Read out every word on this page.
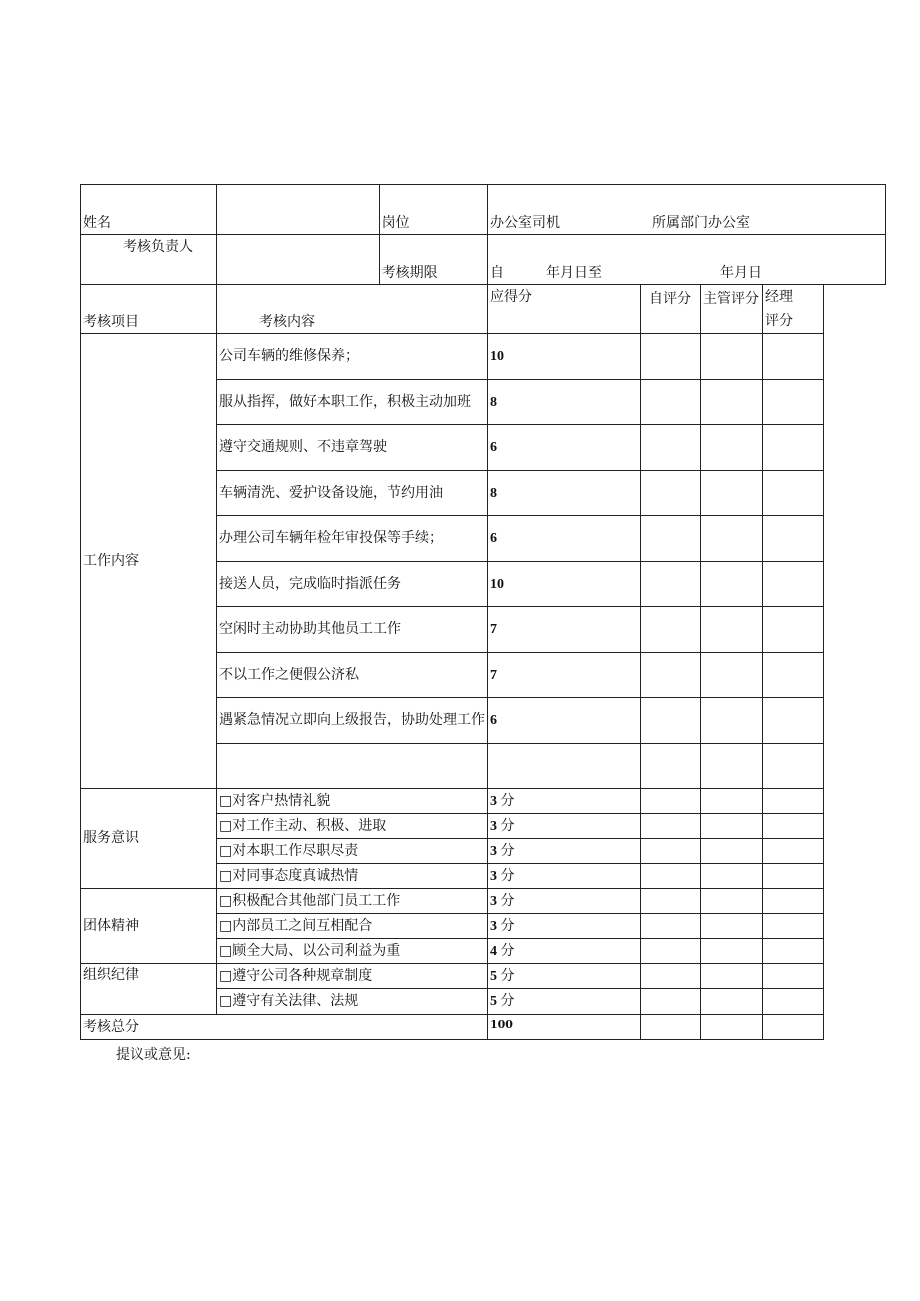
姓名		岗位	办公室司机 所属部门办公室			
考核负责人		考核期限	自 年月日至 年月日			
考核项目	考核内容		应得分	自评分	主管评分	经理
评分
工作内容	公司车辆的维修保养；		10			
	服从指挥，做好本职工作，积极主动加班		8			
	遵守交通规则、不违章驾驶		6			
	车辆清洗、爱护设备设施，节约用油		8			
	办理公司车辆年检年审投保等手续；		6			
	接送人员，完成临时指派任务		10			
	空闲时主动协助其他员工工作		7			
	不以工作之便假公济私		7			
	遇紧急情况立即向上级报告，协助处理工作		6			

服务意识	□对客户热情礼貌		3 分			
	□对工作主动、积极、进取		3 分			
	□对本职工作尽职尽责		3 分			
	□对同事态度真诚热情		3 分			
团体精神	□积极配合其他部门员工工作		3 分			
	□内部员工之间互相配合		3 分			
	□顾全大局、以公司利益为重		4 分			
组织纪律	□遵守公司各种规章制度		5 分			
	□遵守有关法律、法规		5 分			
考核总分			100			
提议或意见:
